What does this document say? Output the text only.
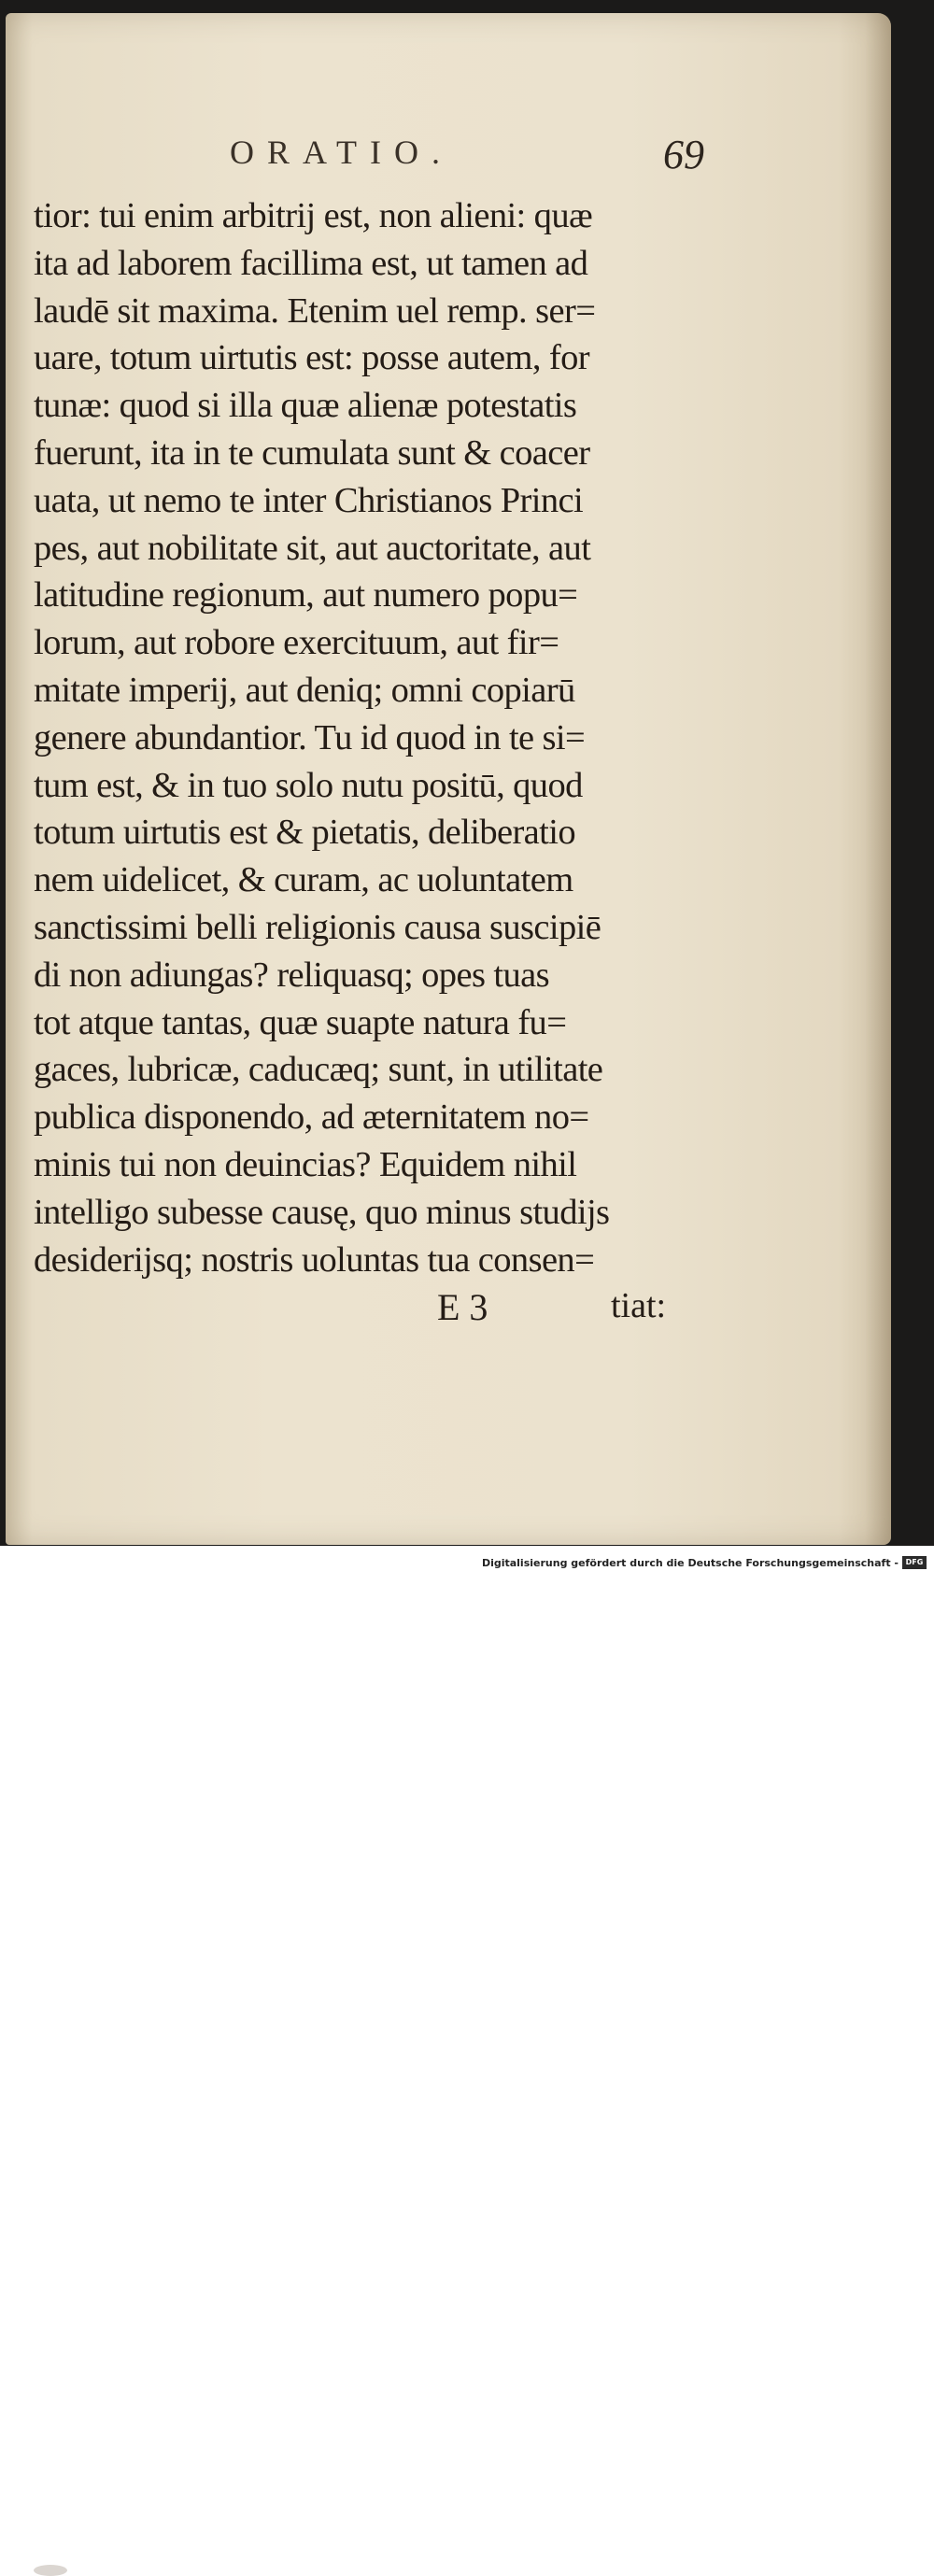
ORATIO.	69
tior: tui enim arbitrij est, non alieni: quæ
ita ad laborem facillima est, ut tamen ad
laudē sit maxima. Etenim uel remp. ser=
uare, totum uirtutis est: posse autem, for
tunæ: quod si illa quæ alienæ potestatis
fuerunt, ita in te cumulata sunt & coacer
uata, ut nemo te inter Christianos Princi
pes, aut nobilitate sit, aut auctoritate, aut
latitudine regionum, aut numero popu=
lorum, aut robore exercituum, aut fir=
mitate imperij, aut deniq; omni copiarū
genere abundantior. Tu id quod in te si=
tum est, & in tuo solo nutu positū, quod
totum uirtutis est & pietatis, deliberatio
nem uidelicet, & curam, ac uoluntatem
sanctissimi belli religionis causa suscipiē
di non adiungas? reliquasq; opes tuas
tot atque tantas, quæ suapte natura fu=
gaces, lubricæ, caducæq; sunt, in utilitate
publica disponendo, ad æternitatem no=
minis tui non deuincias? Equidem nihil
intelligo subesse causę, quo minus studijs
desiderijsq; nostris uoluntas tua consen=
E 3	tiat:
Digitalisierung gefördert durch die Deutsche Forschungsgemeinschaft - DFG
